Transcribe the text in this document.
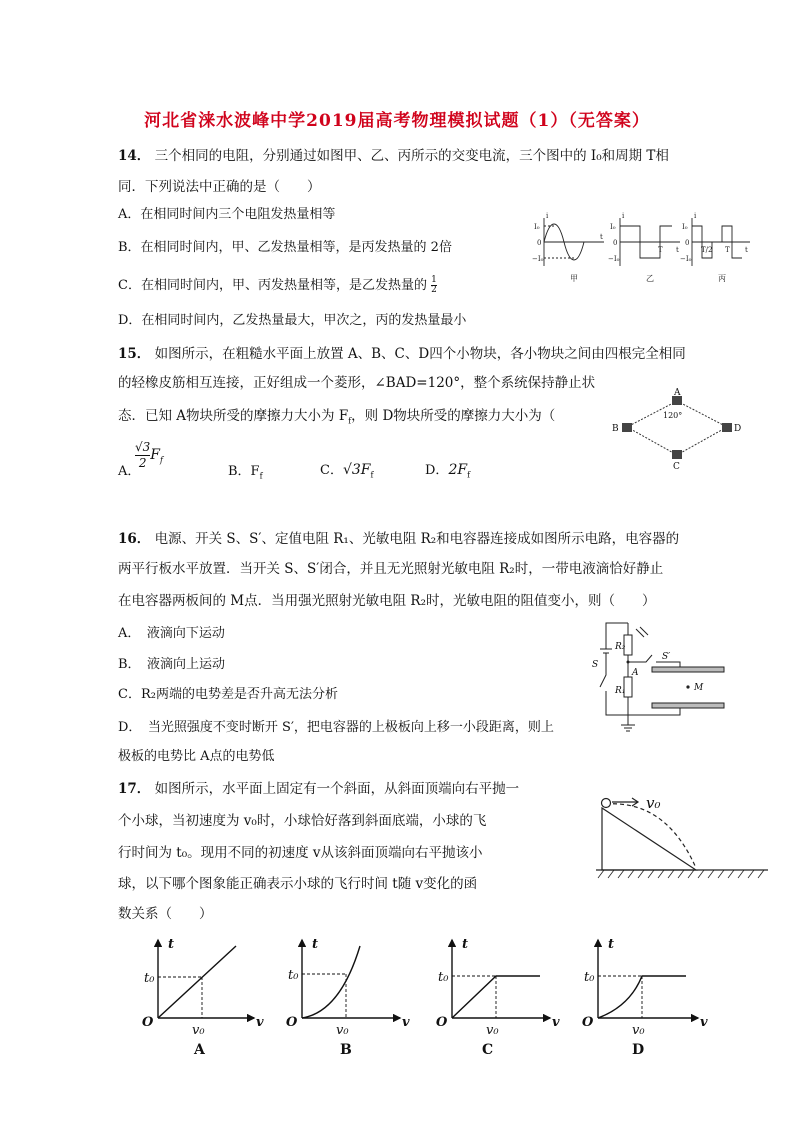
河北省涞水波峰中学2019届高考物理模拟试题（1）（无答案）
14． 三个相同的电阻，分别通过如图甲、乙、丙所示的交变电流，三个图中的 I₀和周期 T相
同．下列说法中正确的是（　　）
A．在相同时间内三个电阻发热量相等
B．在相同时间内，甲、乙发热量相等，是丙发热量的 2倍
C．在相同时间内，甲、丙发热量相等，是乙发热量的 $\frac{1}{2}$
D．在相同时间内，乙发热量最大，甲次之，丙的发热量最小
I₀
i
0
−I₀
t
甲
I₀
i
0
−I₀
T t
乙
I₀
i
0
−I₀
T/2 T t
丙
15． 如图所示，在粗糙水平面上放置 A、B、C、D四个小物块，各小物块之间由四根完全相同
的轻橡皮筋相互连接，正好组成一个菱形，∠BAD=120°，整个系统保持静止状
态．已知 A物块所受的摩擦力大小为 $F_f$，则 D物块所受的摩擦力大小为（
A．
$\frac{√3}{2} F_f$
B．$F_f$	C．$√3F_f$	D．$2F_f$
A
B	D
C
120°
16． 电源、开关 S、S′、定值电阻 R₁、光敏电阻 R₂和电容器连接成如图所示电路，电容器的
两平行板水平放置．当开关 S、S′闭合，并且无光照射光敏电阻 R₂时，一带电液滴恰好静止
在电容器两板间的 M点．当用强光照射光敏电阻 R₂时，光敏电阻的阻值变小，则（　　）
A．　液滴向下运动
B．　液滴向上运动
C．R₂两端的电势差是否升高无法分析
D．　当光照强度不变时断开 S′，把电容器的上极板向上移一小段距离，则上
极板的电势比 A点的电势低
R₂
R₁
S
S′
A
M
17． 如图所示，水平面上固定有一个斜面，从斜面顶端向右平抛一
个小球，当初速度为 v₀时，小球恰好落到斜面底端，小球的飞
行时间为 t₀。现用不同的初速度 v从该斜面顶端向右平抛该小
球，以下哪个图象能正确表示小球的飞行时间 t随 v变化的函
数关系（　　）
v₀
t
t₀
O
v₀
v
A
t
t₀
O
v₀
v
B
t
t₀
O
v₀
v
C
t
t₀
O
v₀
v
D
